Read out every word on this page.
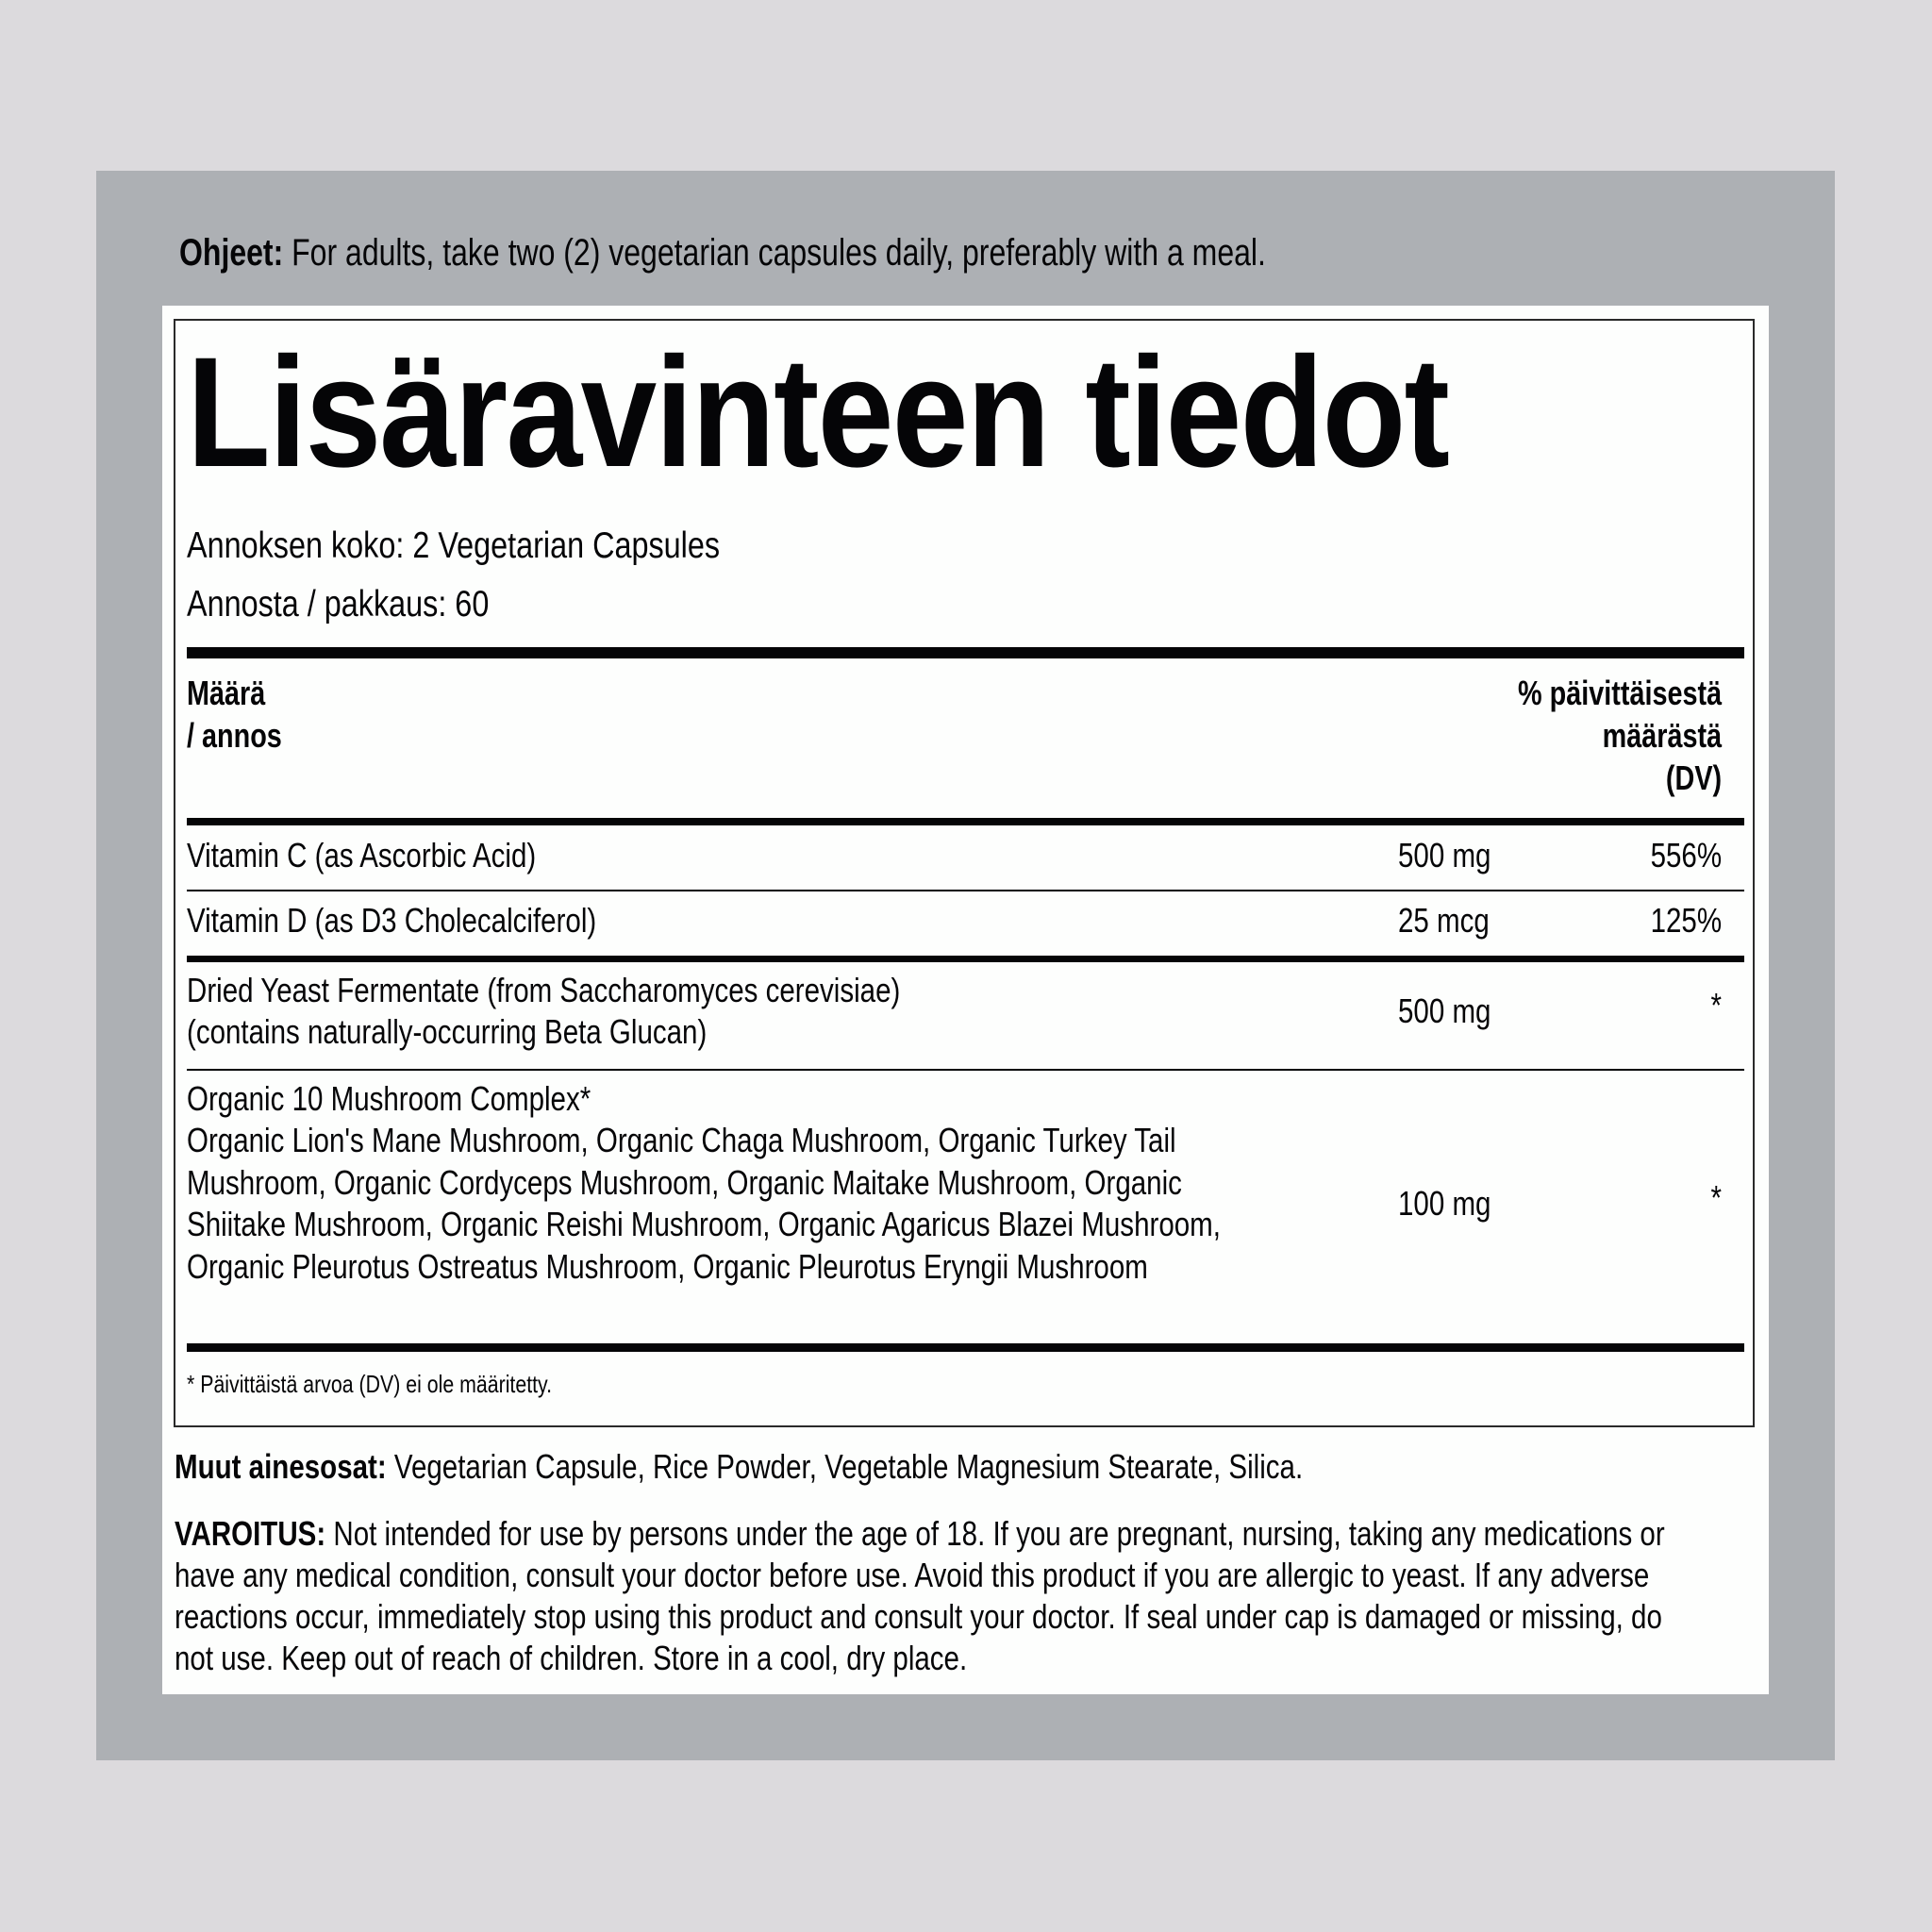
Ohjeet: For adults, take two (2) vegetarian capsules daily, preferably with a meal.
Lisäravinteen tiedot
Annoksen koko: 2 Vegetarian Capsules
Annosta / pakkaus: 60
Määrä
/ annos
% päivittäisestä
määrästä
(DV)
Vitamin C (as Ascorbic Acid)	500 mg	556%
Vitamin D (as D3 Cholecalciferol)	25 mcg	125%
Dried Yeast Fermentate (from Saccharomyces cerevisiae)
(contains naturally-occurring Beta Glucan)
500 mg	*
Organic 10 Mushroom Complex*
Organic Lion's Mane Mushroom, Organic Chaga Mushroom, Organic Turkey Tail Mushroom, Organic Cordyceps Mushroom, Organic Maitake Mushroom, Organic Shiitake Mushroom, Organic Reishi Mushroom, Organic Agaricus Blazei Mushroom, Organic Pleurotus Ostreatus Mushroom, Organic Pleurotus Eryngii Mushroom
100 mg	*
* Päivittäistä arvoa (DV) ei ole määritetty.
Muut ainesosat: Vegetarian Capsule, Rice Powder, Vegetable Magnesium Stearate, Silica.
VAROITUS: Not intended for use by persons under the age of 18. If you are pregnant, nursing, taking any medications or have any medical condition, consult your doctor before use. Avoid this product if you are allergic to yeast. If any adverse reactions occur, immediately stop using this product and consult your doctor. If seal under cap is damaged or missing, do not use. Keep out of reach of children. Store in a cool, dry place.
